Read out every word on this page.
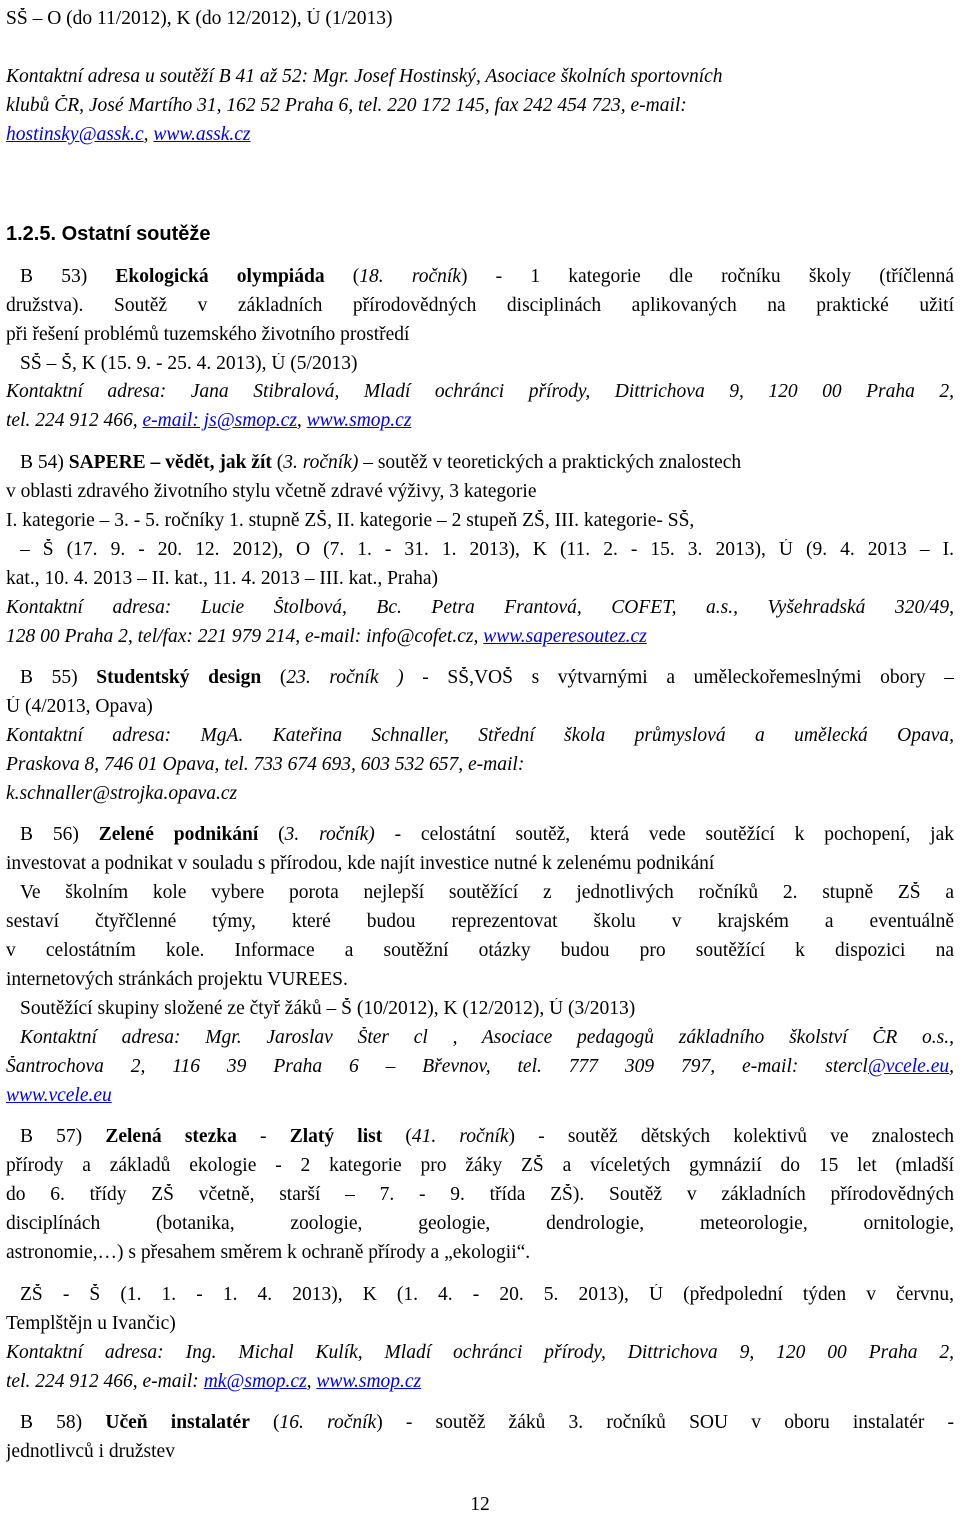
SŠ – O (do 11/2012), K (do 12/2012), Ú (1/2013)
Kontaktní adresa u soutěží B 41 až 52: Mgr. Josef Hostinský, Asociace školních sportovních
klubů ČR, José Martího 31, 162 52 Praha 6, tel. 220 172 145, fax 242 454 723, e-mail:
hostinsky@assk.c, www.assk.cz
1.2.5. Ostatní soutěže
B 53) Ekologická olympiáda (18. ročník) - 1 kategorie dle ročníku školy (tříčlenná
družstva). Soutěž v základních přírodovědných disciplinách aplikovaných na praktické užití
při řešení problémů tuzemského životního prostředí
SŠ – Š, K (15. 9. - 25. 4. 2013), Ú (5/2013)
Kontaktní adresa: Jana Stibralová, Mladí ochránci přírody, Dittrichova 9, 120 00 Praha 2,
tel. 224 912 466, e-mail: js@smop.cz, www.smop.cz
B 54) SAPERE – vědět, jak žít (3. ročník) – soutěž v teoretických a praktických znalostech
v oblasti zdravého životního stylu včetně zdravé výživy, 3 kategorie
I. kategorie – 3. - 5. ročníky 1. stupně ZŠ, II. kategorie – 2 stupeň ZŠ, III. kategorie- SŠ,
– Š (17. 9. - 20. 12. 2012), O (7. 1. - 31. 1. 2013), K (11. 2. - 15. 3. 2013), Ú (9. 4. 2013 – I.
kat., 10. 4. 2013 – II. kat., 11. 4. 2013 – III. kat., Praha)
Kontaktní adresa: Lucie Štolbová, Bc. Petra Frantová, COFET, a.s., Vyšehradská 320/49,
128 00 Praha 2, tel/fax: 221 979 214, e-mail: info@cofet.cz, www.saperesoutez.cz
B 55) Studentský design (23. ročník ) - SŠ,VOŠ s výtvarnými a uměleckořemeslnými obory –
Ú (4/2013, Opava)
Kontaktní adresa: MgA. Kateřina Schnaller, Střední škola průmyslová a umělecká Opava,
Praskova 8, 746 01 Opava, tel. 733 674 693, 603 532 657, e-mail:
k.schnaller@strojka.opava.cz
B 56) Zelené podnikání (3. ročník) - celostátní soutěž, která vede soutěžící k pochopení, jak
investovat a podnikat v souladu s přírodou, kde najít investice nutné k zelenému podnikání
Ve školním kole vybere porota nejlepší soutěžící z jednotlivých ročníků 2. stupně ZŠ a
sestaví čtyřčlenné týmy, které budou reprezentovat školu v krajském a eventuálně
v celostátním kole. Informace a soutěžní otázky budou pro soutěžící k dispozici na
internetových stránkách projektu VUREES.
Soutěžící skupiny složené ze čtyř žáků – Š (10/2012), K (12/2012), Ú (3/2013)
Kontaktní adresa: Mgr. Jaroslav Šter cl , Asociace pedagogů základního školství ČR o.s.,
Šantrochova 2, 116 39 Praha 6 – Břevnov, tel. 777 309 797, e-mail: stercl@vcele.eu,
www.vcele.eu
B 57) Zelená stezka - Zlatý list (41. ročník) - soutěž dětských kolektivů ve znalostech
přírody a základů ekologie - 2 kategorie pro žáky ZŠ a víceletých gymnázií do 15 let (mladší
do 6. třídy ZŠ včetně, starší – 7. - 9. třída ZŠ). Soutěž v základních přírodovědných
disciplínách (botanika, zoologie, geologie, dendrologie, meteorologie, ornitologie,
astronomie,…) s přesahem směrem k ochraně přírody a „ekologii“.
ZŠ - Š (1. 1. - 1. 4. 2013), K (1. 4. - 20. 5. 2013), Ú (předpolední týden v červnu,
Templštějn u Ivančic)
Kontaktní adresa: Ing. Michal Kulík, Mladí ochránci přírody, Dittrichova 9, 120 00 Praha 2,
tel. 224 912 466, e-mail: mk@smop.cz, www.smop.cz
B 58) Učeň instalatér (16. ročník) - soutěž žáků 3. ročníků SOU v oboru instalatér -
jednotlivců i družstev
12
